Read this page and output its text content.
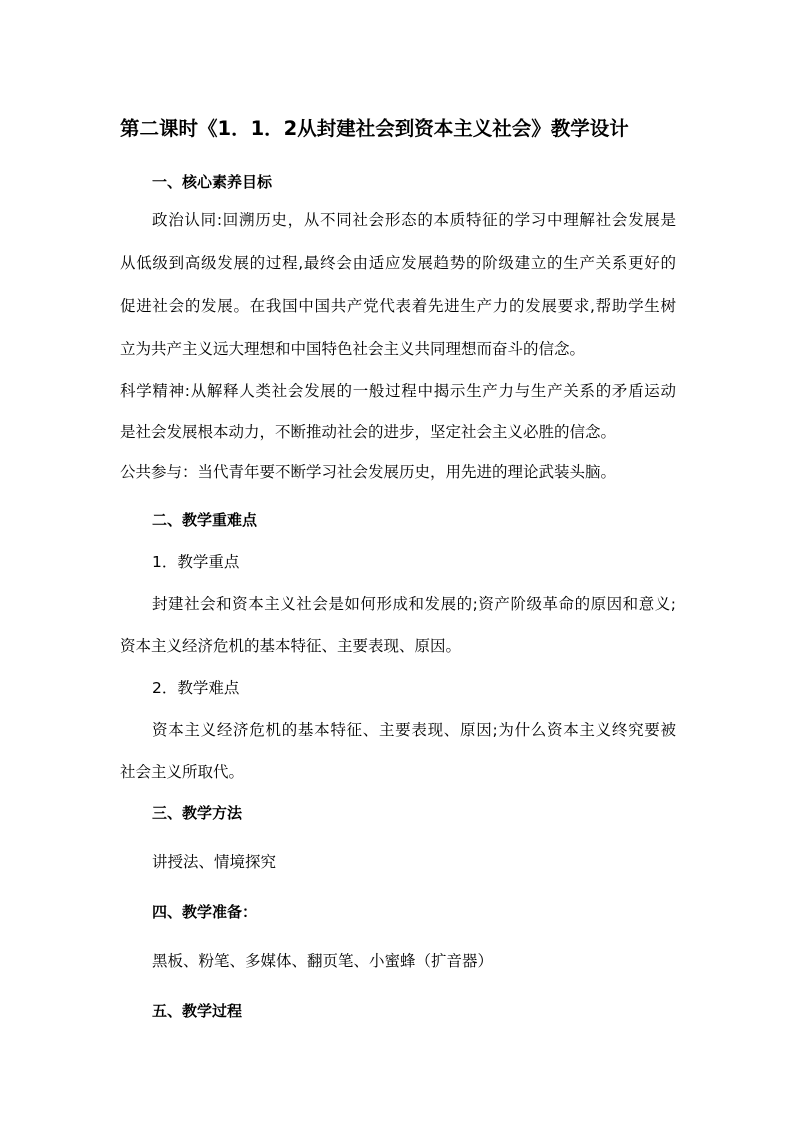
第二课时《1．1．2从封建社会到资本主义社会》教学设计
一、核心素养目标
政治认同:回溯历史，从不同社会形态的本质特征的学习中理解社会发展是
从低级到高级发展的过程,最终会由适应发展趋势的阶级建立的生产关系更好的
促进社会的发展。在我国中国共产党代表着先进生产力的发展要求,帮助学生树
立为共产主义远大理想和中国特色社会主义共同理想而奋斗的信念。
科学精神:从解释人类社会发展的一般过程中揭示生产力与生产关系的矛盾运动
是社会发展根本动力，不断推动社会的进步，坚定社会主义必胜的信念。
公共参与：当代青年要不断学习社会发展历史，用先进的理论武装头脑。
二、教学重难点
1．教学重点
封建社会和资本主义社会是如何形成和发展的;资产阶级革命的原因和意义;
资本主义经济危机的基本特征、主要表现、原因。
2．教学难点
资本主义经济危机的基本特征、主要表现、原因;为什么资本主义终究要被
社会主义所取代。
三、教学方法
讲授法、情境探究
四、教学准备：
黑板、粉笔、多媒体、翻页笔、小蜜蜂（扩音器）
五、教学过程
